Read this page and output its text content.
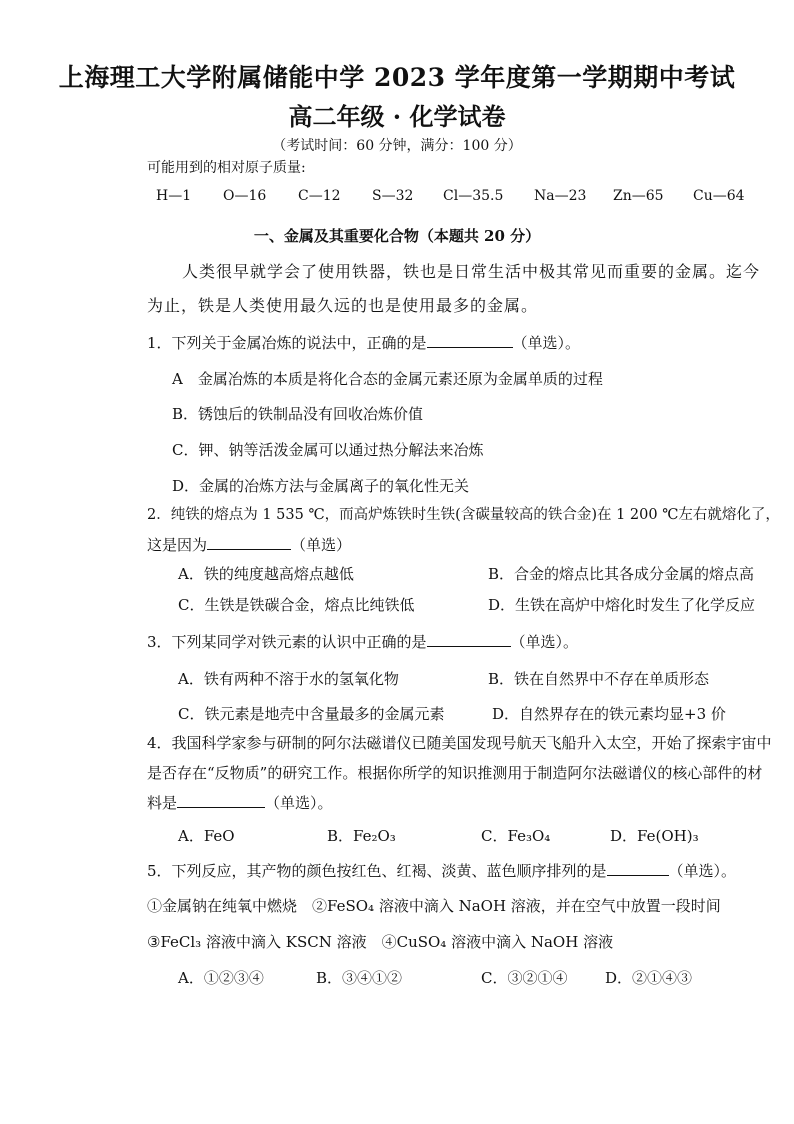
上海理工大学附属储能中学 2023 学年度第一学期期中考试
高二年级 · 化学试卷
（考试时间：60 分钟，满分：100 分）
可能用到的相对原子质量:
H—1 O—16 C—12 S—32 Cl—35.5 Na—23 Zn—65 Cu—64
一、金属及其重要化合物（本题共 20 分）
人类很早就学会了使用铁器，铁也是日常生活中极其常见而重要的金属。迄今
为止，铁是人类使用最久远的也是使用最多的金属。
1．下列关于金属冶炼的说法中，正确的是	（单选）。
A　金属冶炼的本质是将化合态的金属元素还原为金属单质的过程
B．锈蚀后的铁制品没有回收冶炼价值
C．钾、钠等活泼金属可以通过热分解法来冶炼
D．金属的冶炼方法与金属离子的氧化性无关
2．纯铁的熔点为 1 535 ℃，而高炉炼铁时生铁(含碳量较高的铁合金)在 1 200 ℃左右就熔化了，
这是因为	（单选）
A．铁的纯度越高熔点越低	B．合金的熔点比其各成分金属的熔点高
C．生铁是铁碳合金，熔点比纯铁低	D．生铁在高炉中熔化时发生了化学反应
3．下列某同学对铁元素的认识中正确的是	（单选）。
A．铁有两种不溶于水的氢氧化物	B．铁在自然界中不存在单质形态
C．铁元素是地壳中含量最多的金属元素	D．自然界存在的铁元素均显+3 价
4．我国科学家参与研制的阿尔法磁谱仪已随美国发现号航天飞船升入太空，开始了探索宇宙中
是否存在“反物质”的研究工作。根据你所学的知识推测用于制造阿尔法磁谱仪的核心部件的材
料是	（单选）。
A．FeO	B．Fe₂O₃	C．Fe₃O₄	D．Fe(OH)₃
5．下列反应，其产物的颜色按红色、红褐、淡黄、蓝色顺序排列的是	（单选）。
①金属钠在纯氧中燃烧　②FeSO₄ 溶液中滴入 NaOH 溶液，并在空气中放置一段时间
③FeCl₃ 溶液中滴入 KSCN 溶液　④CuSO₄ 溶液中滴入 NaOH 溶液
A．①②③④	B．③④①②	C．③②①④	D．②①④③
